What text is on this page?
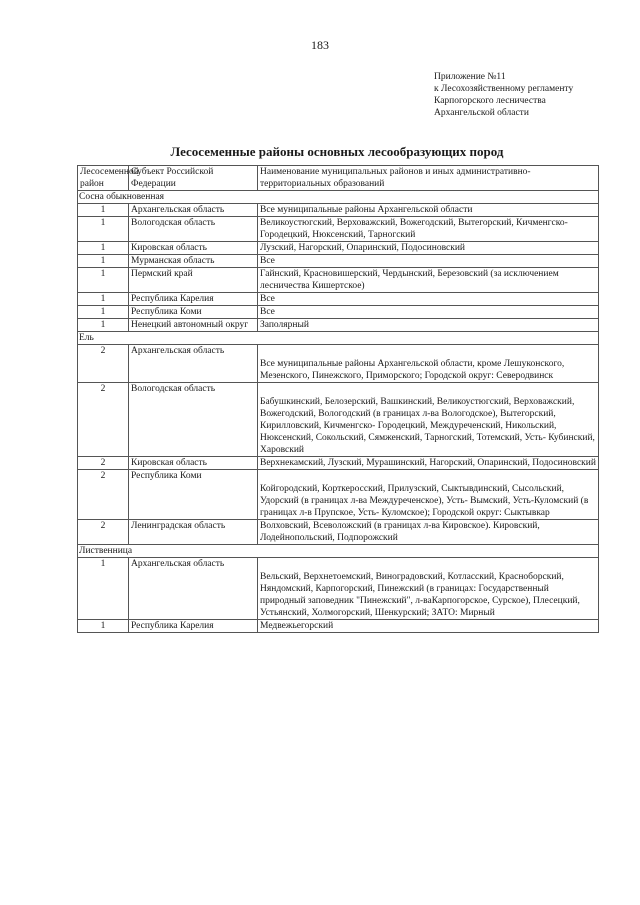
183
Приложение №11
к Лесохозяйственному регламенту
Карпогорского лесничества
Архангельской области
Лесосеменные районы основных лесообразующих пород
Лесосеменной район	Субъект Российской Федерации	Наименование муниципальных районов и иных административно-территориальных образований
Сосна обыкновенная		
1	Архангельская область	Все муниципальные районы Архангельской области
1	Вологодская область	Великоустюгский, Верховажский, Вожегодский, Вытегорский, Кичменгско-Городецкий, Нюксенский, Тарногский
1	Кировская область	Лузский, Нагорский, Опаринский, Подосиновский
1	Мурманская область	Все
1	Пермский край	Гайнский, Красновишерский, Чердынский, Березовский (за исключением лесничества Кишертское)
1	Республика Карелия	Все
1	Республика Коми	Все
1	Ненецкий автономный округ	Заполярный
Ель		
2	Архангельская область	Все муниципальные районы Архангельской области, кроме Лешуконского, Мезенского, Пинежского, Приморского; Городской округ: Северодвинск
2	Вологодская область	Бабушкинский, Белозерский, Вашкинский, Великоустюгский, Верховажский, Вожегодский, Вологодский (в границах л-ва Вологодское), Вытегорский, Кирилловский, Кичменгско- Городецкий, Междуреченский, Никольский, Нюксенский, Сокольский, Сямженский, Тарногский, Тотемский, Усть- Кубинский, Харовский
2	Кировская область	Верхнекамский, Лузский, Мурашинский, Нагорский, Опаринский, Подосиновский
2	Республика Коми	Койгородский, Корткеросский, Прилузский, Сыктывдинский, Сысольский, Удорский (в границах л-ва Междуреченское), Усть- Вымский, Усть-Куломский (в границах л-в Прупское, Усть- Куломское); Городской округ: Сыктывкар
2	Ленинградская область	Волховский, Всеволожский (в границах л-ва Кировское). Кировский, Лодейнопольский, Подпорожский
Лиственница		
1	Архангельская область	Вельский, Верхнетоемский, Виноградовский, Котласский, Красноборский, Няндомский, Карпогорский, Пинежский (в границах: Государственный природный заповедник "Пинежский", л-ваКарпогорское, Сурское), Плесецкий, Устьянский, Холмогорский, Шенкурский; ЗАТО: Мирный
1	Республика Карелия	Медвежьегорский
